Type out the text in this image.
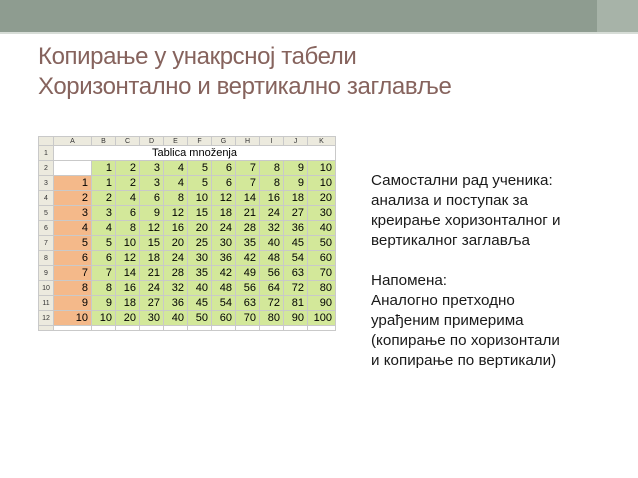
Копирање у унакрсној табели
Хоризонтално и вертикално заглавље
	A	B	C	D	E	F	G	H	I	J	K
1	Tablica množenja										
2		1	2	3	4	5	6	7	8	9	10
3	1	1	2	3	4	5	6	7	8	9	10
4	2	2	4	6	8	10	12	14	16	18	20
5	3	3	6	9	12	15	18	21	24	27	30
6	4	4	8	12	16	20	24	28	32	36	40
7	5	5	10	15	20	25	30	35	40	45	50
8	6	6	12	18	24	30	36	42	48	54	60
9	7	7	14	21	28	35	42	49	56	63	70
10	8	8	16	24	32	40	48	56	64	72	80
11	9	9	18	27	36	45	54	63	72	81	90
12	10	10	20	30	40	50	60	70	80	90	100

Самостални рад ученика:
анализа и поступак за
креирање хоризонталног и
вертикалног заглавља
Напомена:
Аналогно претходно
урађеним примерима
(копирање по хоризонтали
и копирање по вертикали)
